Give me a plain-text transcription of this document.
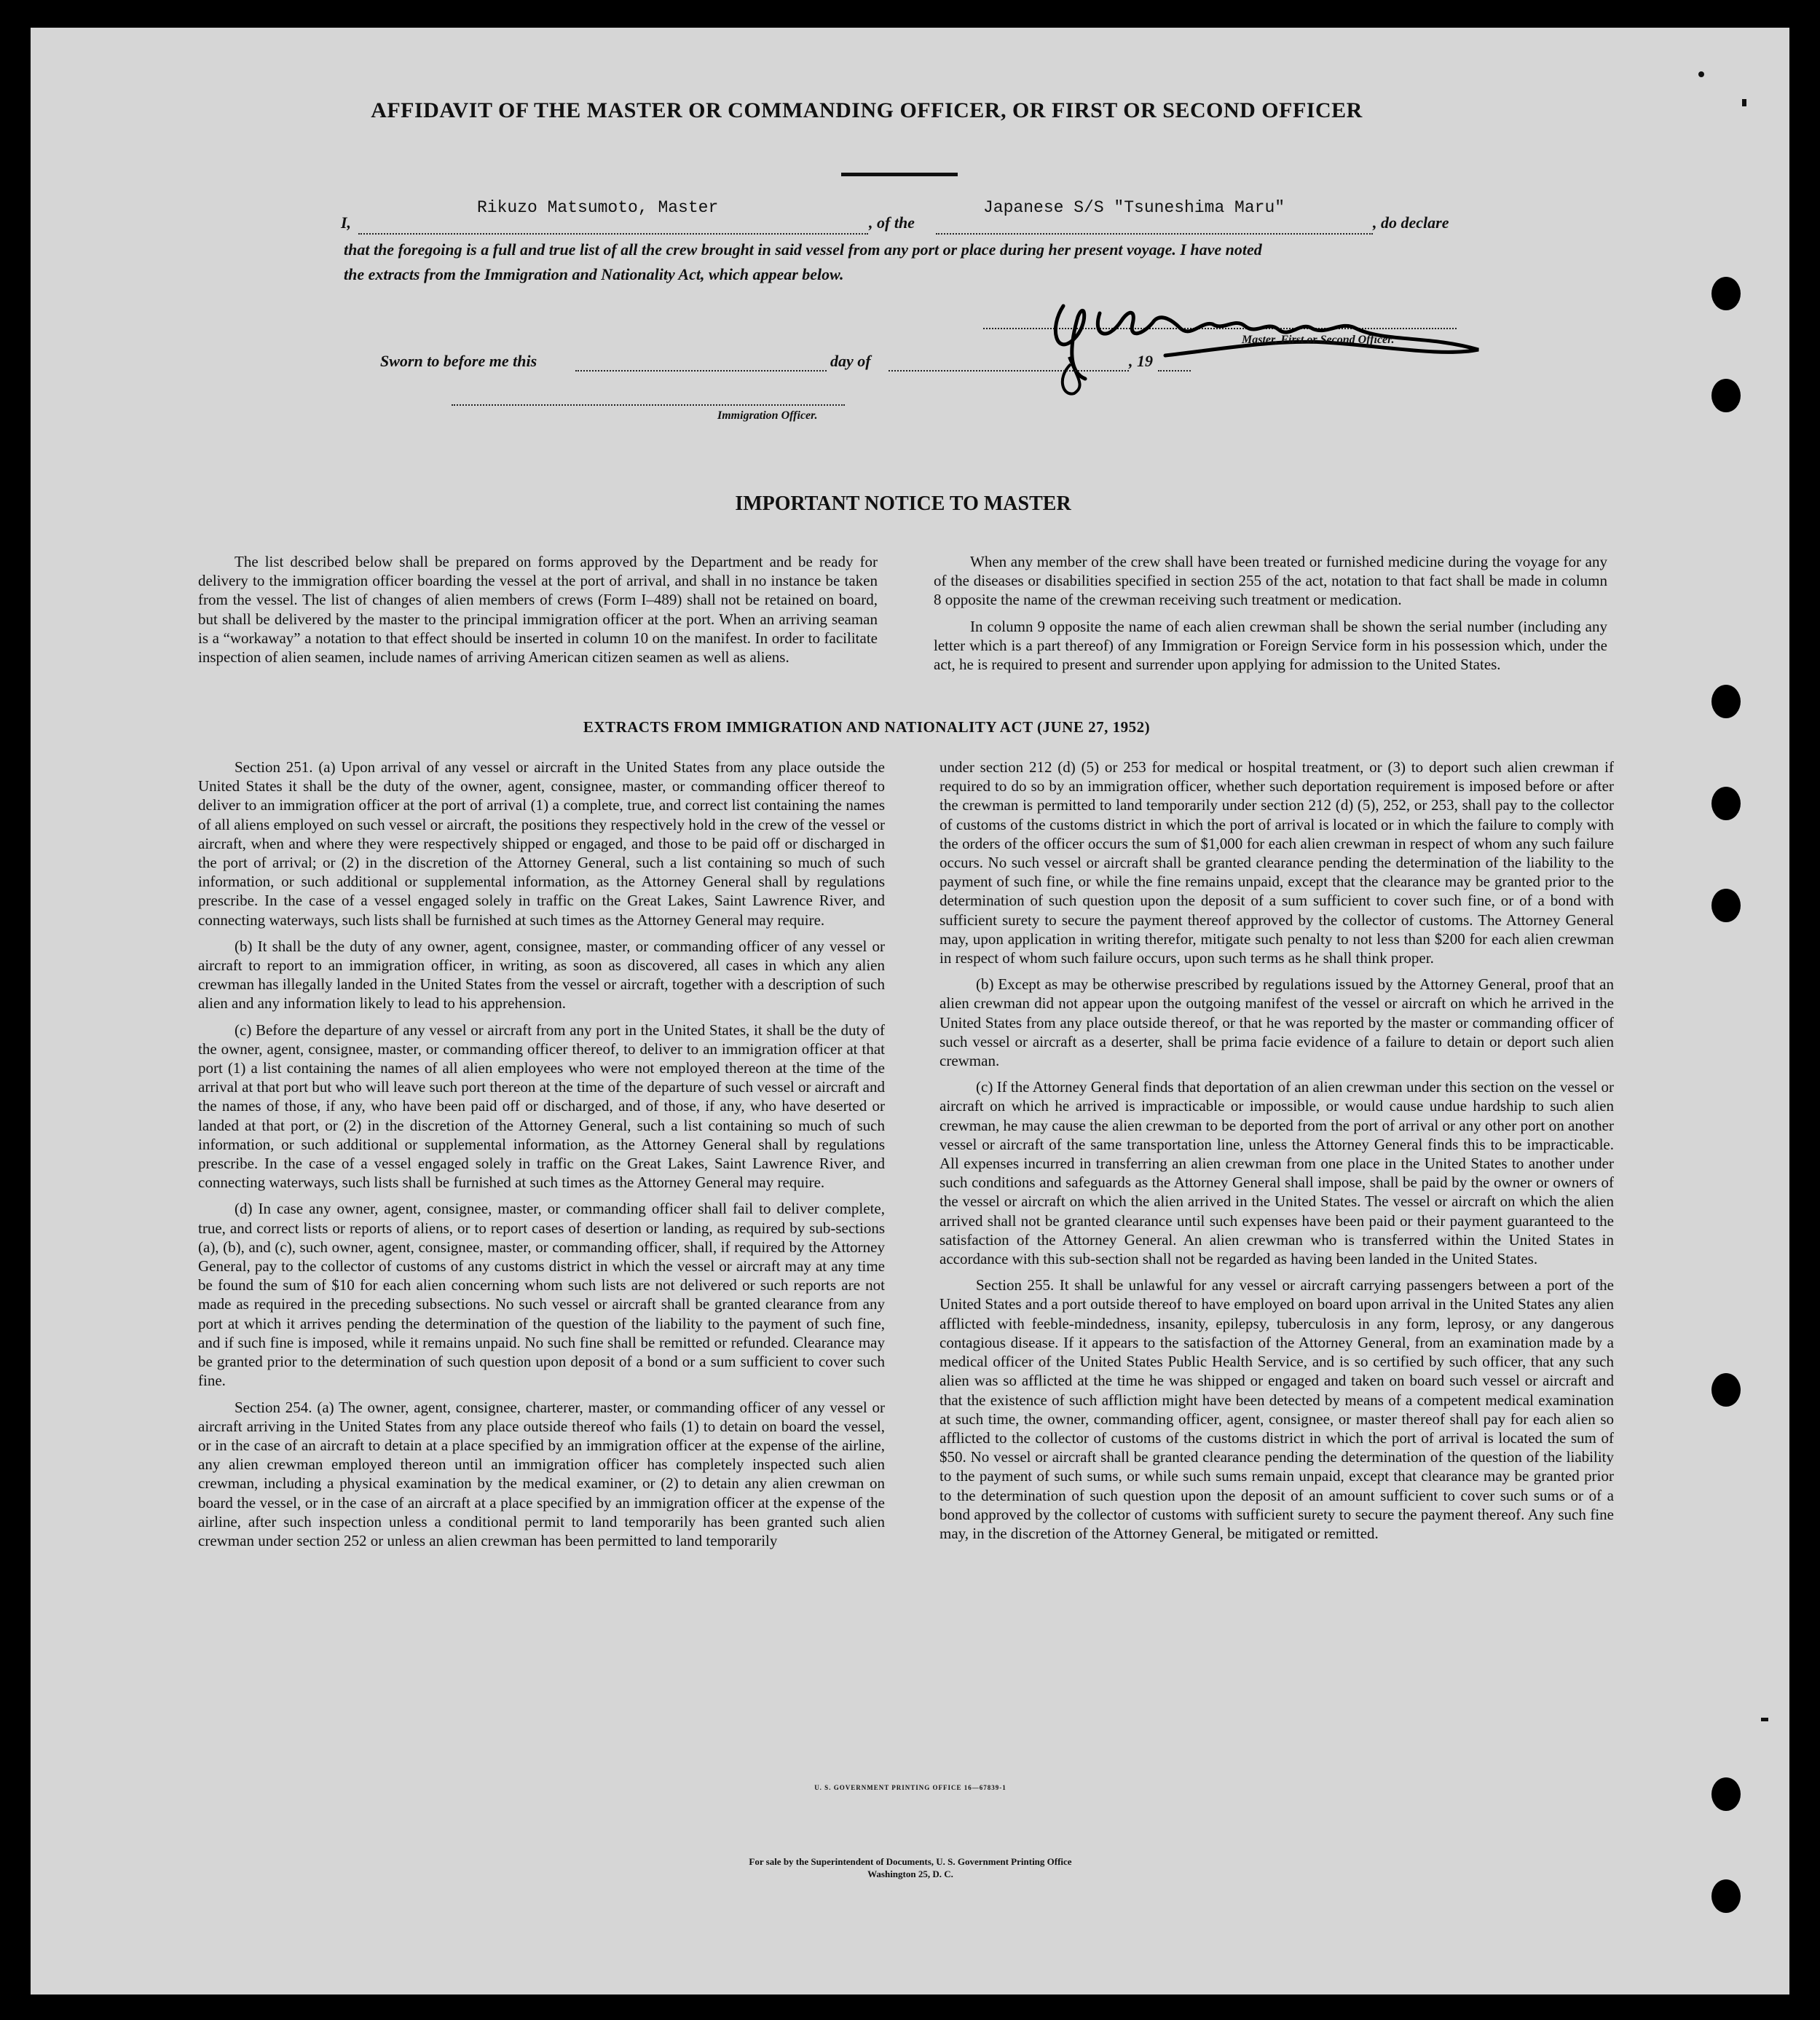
AFFIDAVIT OF THE MASTER OR COMMANDING OFFICER, OR FIRST OR SECOND OFFICER
I,
Rikuzo Matsumoto, Master
, of the
Japanese S/S "Tsuneshima Maru"
, do declare

that the foregoing is a full and true list of all the crew brought in said vessel from any port or place during her present voyage. I have noted
the extracts from the Immigration and Nationality Act, which appear below.
Master, First or Second Officer.
Sworn to before me this	day of	, 19
Immigration Officer.
IMPORTANT NOTICE TO MASTER

The list described below shall be prepared on forms approved by the Department and be ready for delivery to the immigration officer boarding the vessel at the port of arrival, and shall in no instance be taken from the vessel. The list of changes of alien members of crews (Form I–489) shall not be retained on board, but shall be delivered by the master to the principal immigration officer at the port. When an arriving seaman is a “workaway” a notation to that effect should be inserted in column 10 on the manifest. In order to facilitate inspection of alien seamen, include names of arriving American citizen seamen as well as aliens.

When any member of the crew shall have been treated or furnished medicine during the voyage for any of the diseases or disabilities specified in section 255 of the act, notation to that fact shall be made in column 8 opposite the name of the crewman receiving such treatment or medication.

In column 9 opposite the name of each alien crewman shall be shown the serial number (including any letter which is a part thereof) of any Immigration or Foreign Service form in his possession which, under the act, he is required to present and surrender upon applying for admission to the United States.

EXTRACTS FROM IMMIGRATION AND NATIONALITY ACT (JUNE 27, 1952)

Section 251. (a) Upon arrival of any vessel or aircraft in the United States from any place outside the United States it shall be the duty of the owner, agent, consignee, master, or commanding officer thereof to deliver to an immigration officer at the port of arrival (1) a complete, true, and correct list containing the names of all aliens employed on such vessel or aircraft, the positions they respectively hold in the crew of the vessel or aircraft, when and where they were respectively shipped or engaged, and those to be paid off or discharged in the port of arrival; or (2) in the discretion of the Attorney General, such a list containing so much of such information, or such additional or supplemental information, as the Attorney General shall by regulations prescribe. In the case of a vessel engaged solely in traffic on the Great Lakes, Saint Lawrence River, and connecting waterways, such lists shall be furnished at such times as the Attorney General may require.

(b) It shall be the duty of any owner, agent, consignee, master, or commanding officer of any vessel or aircraft to report to an immigration officer, in writing, as soon as discovered, all cases in which any alien crewman has illegally landed in the United States from the vessel or aircraft, together with a description of such alien and any information likely to lead to his apprehension.

(c) Before the departure of any vessel or aircraft from any port in the United States, it shall be the duty of the owner, agent, consignee, master, or commanding officer thereof, to deliver to an immigration officer at that port (1) a list containing the names of all alien employees who were not employed thereon at the time of the arrival at that port but who will leave such port thereon at the time of the departure of such vessel or aircraft and the names of those, if any, who have been paid off or discharged, and of those, if any, who have deserted or landed at that port, or (2) in the discretion of the Attorney General, such a list containing so much of such information, or such additional or supplemental information, as the Attorney General shall by regulations prescribe. In the case of a vessel engaged solely in traffic on the Great Lakes, Saint Lawrence River, and connecting waterways, such lists shall be furnished at such times as the Attorney General may require.

(d) In case any owner, agent, consignee, master, or commanding officer shall fail to deliver complete, true, and correct lists or reports of aliens, or to report cases of desertion or landing, as required by sub-sections (a), (b), and (c), such owner, agent, consignee, master, or commanding officer, shall, if required by the Attorney General, pay to the collector of customs of any customs district in which the vessel or aircraft may at any time be found the sum of $10 for each alien concerning whom such lists are not delivered or such reports are not made as required in the preceding subsections. No such vessel or aircraft shall be granted clearance from any port at which it arrives pending the determination of the question of the liability to the payment of such fine, and if such fine is imposed, while it remains unpaid. No such fine shall be remitted or refunded. Clearance may be granted prior to the determination of such question upon deposit of a bond or a sum sufficient to cover such fine.

Section 254. (a) The owner, agent, consignee, charterer, master, or commanding officer of any vessel or aircraft arriving in the United States from any place outside thereof who fails (1) to detain on board the vessel, or in the case of an aircraft to detain at a place specified by an immigration officer at the expense of the airline, any alien crewman employed thereon until an immigration officer has completely inspected such alien crewman, including a physical examination by the medical examiner, or (2) to detain any alien crewman on board the vessel, or in the case of an aircraft at a place specified by an immigration officer at the expense of the airline, after such inspection unless a conditional permit to land temporarily has been granted such alien crewman under section 252 or unless an alien crewman has been permitted to land temporarily

under section 212 (d) (5) or 253 for medical or hospital treatment, or (3) to deport such alien crewman if required to do so by an immigration officer, whether such deportation requirement is imposed before or after the crewman is permitted to land temporarily under section 212 (d) (5), 252, or 253, shall pay to the collector of customs of the customs district in which the port of arrival is located or in which the failure to comply with the orders of the officer occurs the sum of $1,000 for each alien crewman in respect of whom any such failure occurs. No such vessel or aircraft shall be granted clearance pending the determination of the liability to the payment of such fine, or while the fine remains unpaid, except that the clearance may be granted prior to the determination of such question upon the deposit of a sum sufficient to cover such fine, or of a bond with sufficient surety to secure the payment thereof approved by the collector of customs. The Attorney General may, upon application in writing therefor, mitigate such penalty to not less than $200 for each alien crewman in respect of whom such failure occurs, upon such terms as he shall think proper.

(b) Except as may be otherwise prescribed by regulations issued by the Attorney General, proof that an alien crewman did not appear upon the outgoing manifest of the vessel or aircraft on which he arrived in the United States from any place outside thereof, or that he was reported by the master or commanding officer of such vessel or aircraft as a deserter, shall be prima facie evidence of a failure to detain or deport such alien crewman.

(c) If the Attorney General finds that deportation of an alien crewman under this section on the vessel or aircraft on which he arrived is impracticable or impossible, or would cause undue hardship to such alien crewman, he may cause the alien crewman to be deported from the port of arrival or any other port on another vessel or aircraft of the same transportation line, unless the Attorney General finds this to be impracticable. All expenses incurred in transferring an alien crewman from one place in the United States to another under such conditions and safeguards as the Attorney General shall impose, shall be paid by the owner or owners of the vessel or aircraft on which the alien arrived in the United States. The vessel or aircraft on which the alien arrived shall not be granted clearance until such expenses have been paid or their payment guaranteed to the satisfaction of the Attorney General. An alien crewman who is transferred within the United States in accordance with this sub-section shall not be regarded as having been landed in the United States.

Section 255. It shall be unlawful for any vessel or aircraft carrying passengers between a port of the United States and a port outside thereof to have employed on board upon arrival in the United States any alien afflicted with feeble-mindedness, insanity, epilepsy, tuberculosis in any form, leprosy, or any dangerous contagious disease. If it appears to the satisfaction of the Attorney General, from an examination made by a medical officer of the United States Public Health Service, and is so certified by such officer, that any such alien was so afflicted at the time he was shipped or engaged and taken on board such vessel or aircraft and that the existence of such affliction might have been detected by means of a competent medical examination at such time, the owner, commanding officer, agent, consignee, or master thereof shall pay for each alien so afflicted to the collector of customs of the customs district in which the port of arrival is located the sum of $50. No vessel or aircraft shall be granted clearance pending the determination of the question of the liability to the payment of such sums, or while such sums remain unpaid, except that clearance may be granted prior to the determination of such question upon the deposit of an amount sufficient to cover such sums or of a bond approved by the collector of customs with sufficient surety to secure the payment thereof. Any such fine may, in the discretion of the Attorney General, be mitigated or remitted.

U. S. GOVERNMENT PRINTING OFFICE 16—67839-1
For sale by the Superintendent of Documents, U. S. Government Printing Office
Washington 25, D. C.
